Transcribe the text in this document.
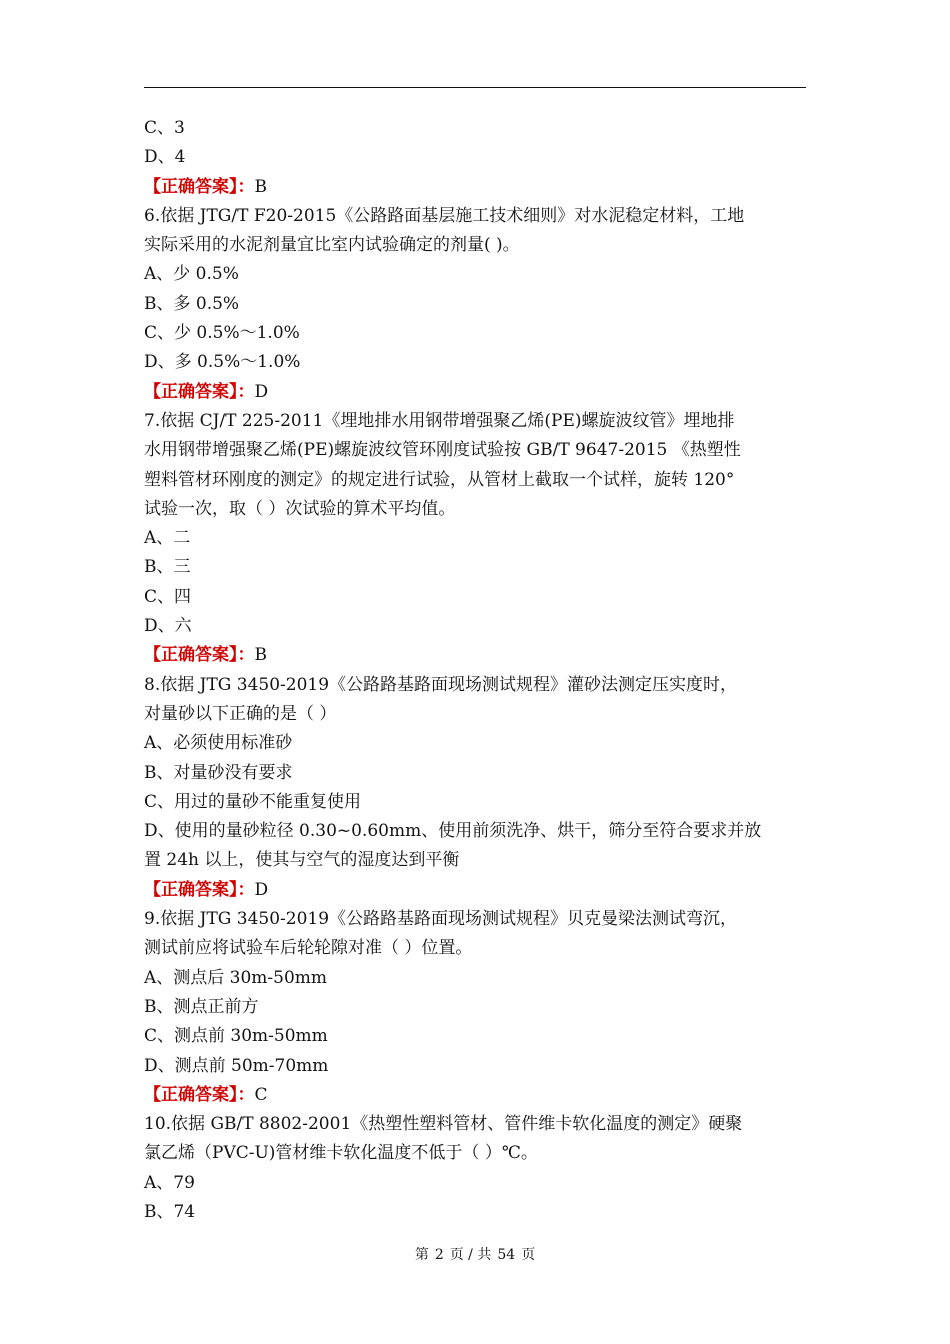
C、3
D、4
【正确答案】：B
6.依据 JTG/T F20-2015《公路路面基层施工技术细则》对水泥稳定材料，工地
实际采用的水泥剂量宜比室内试验确定的剂量( )。
A、少 0.5%
B、多 0.5%
C、少 0.5%～1.0%
D、多 0.5%～1.0%
【正确答案】：D
7.依据 CJ/T 225-2011《埋地排水用钢带增强聚乙烯(PE)螺旋波纹管》埋地排
水用钢带增强聚乙烯(PE)螺旋波纹管环刚度试验按 GB/T 9647-2015 《热塑性
塑料管材环刚度的测定》的规定进行试验，从管材上截取一个试样，旋转 120°
试验一次，取（ ）次试验的算术平均值。
A、二
B、三
C、四
D、六
【正确答案】：B
8.依据 JTG 3450-2019《公路路基路面现场测试规程》灌砂法测定压实度时，
对量砂以下正确的是（ ）
A、必须使用标准砂
B、对量砂没有要求
C、用过的量砂不能重复使用
D、使用的量砂粒径 0.30~0.60mm、使用前须洗净、烘干，筛分至符合要求并放
置 24h 以上，使其与空气的湿度达到平衡
【正确答案】：D
9.依据 JTG 3450-2019《公路路基路面现场测试规程》贝克曼梁法测试弯沉，
测试前应将试验车后轮轮隙对准（ ）位置。
A、测点后 30m-50mm
B、测点正前方
C、测点前 30m-50mm
D、测点前 50m-70mm
【正确答案】：C
10.依据 GB/T 8802-2001《热塑性塑料管材、管件维卡软化温度的测定》硬聚
氯乙烯（PVC-U)管材维卡软化温度不低于（ ）℃。
A、79
B、74
第 2 页 / 共 54 页
